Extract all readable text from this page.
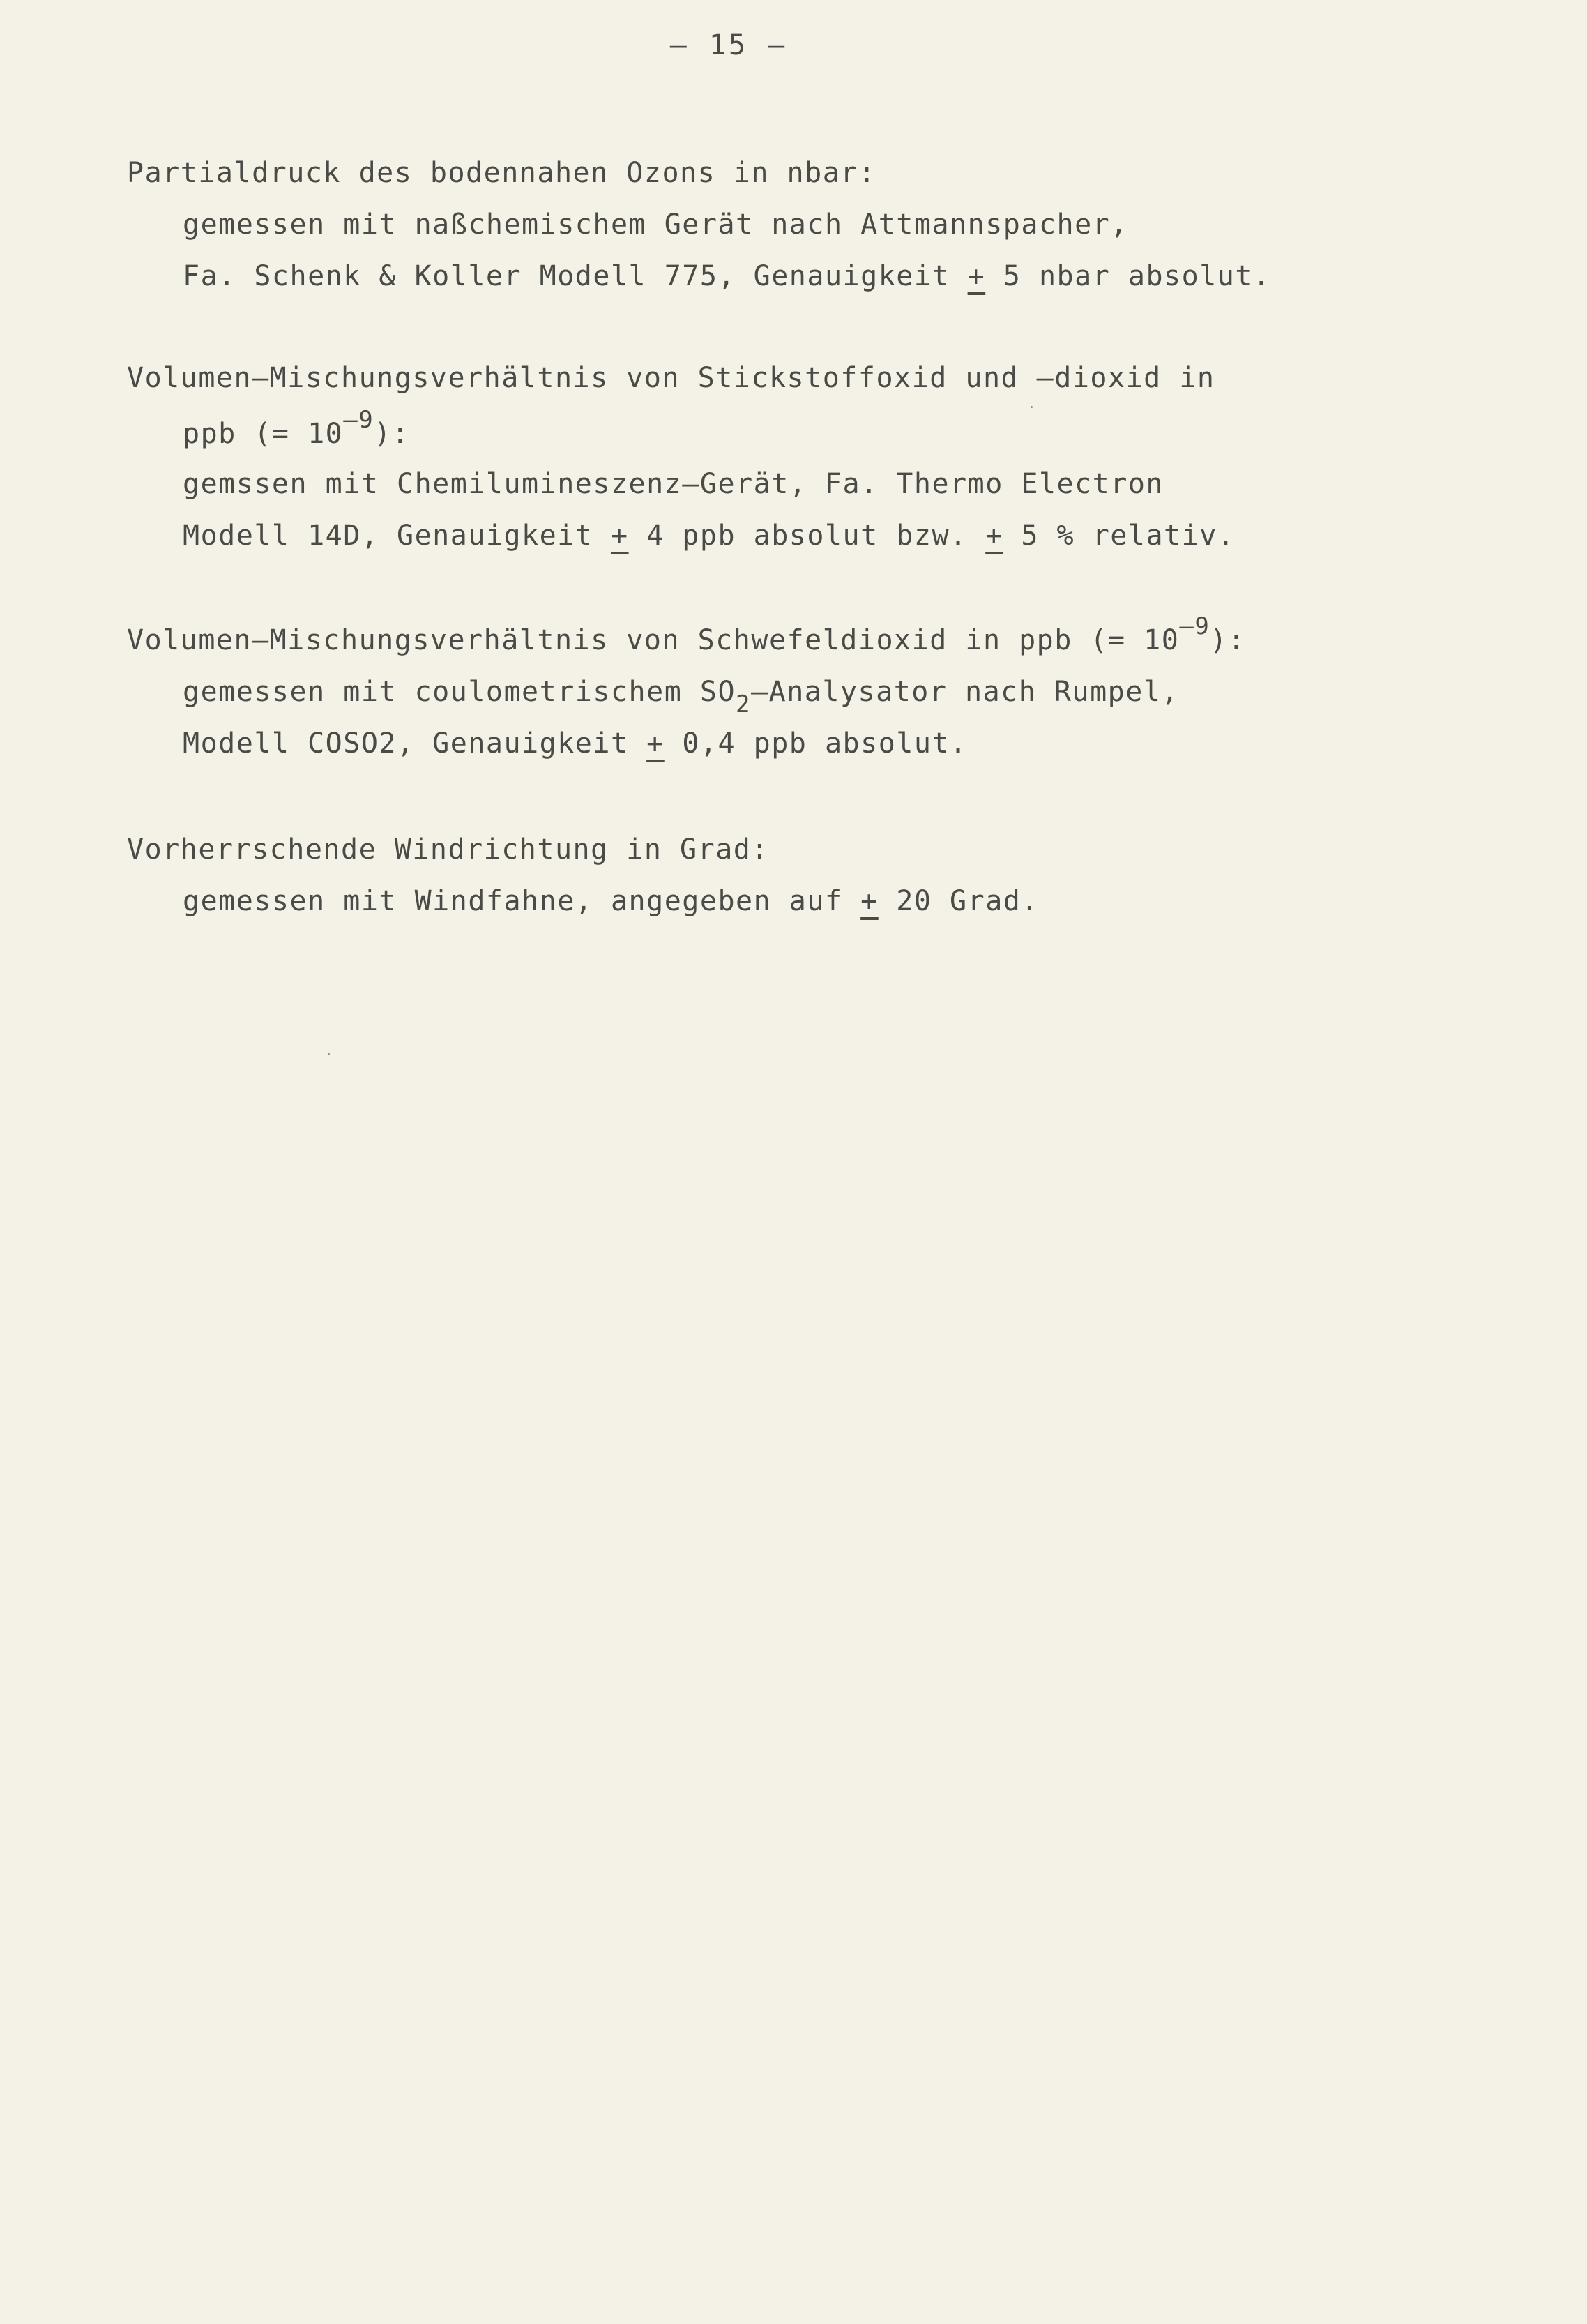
– 15 –
Partialdruck des bodennahen Ozons in nbar:
gemessen mit naßchemischem Gerät nach Attmannspacher,
Fa. Schenk & Koller Modell 775, Genauigkeit + 5 nbar absolut.
Volumen–Mischungsverhältnis von Stickstoffoxid und –dioxid in
ppb (= $10^{-9}$):
gemssen mit Chemilumineszenz–Gerät, Fa. Thermo Electron
Modell 14D, Genauigkeit + 4 ppb absolut bzw. + 5 % relativ.
Volumen–Mischungsverhältnis von Schwefeldioxid in ppb (= $10^{-9}$):
gemessen mit coulometrischem $SO_2$–Analysator nach Rumpel,
Modell COSO2, Genauigkeit + 0,4 ppb absolut.
Vorherrschende Windrichtung in Grad:
gemessen mit Windfahne, angegeben auf + 20 Grad.
